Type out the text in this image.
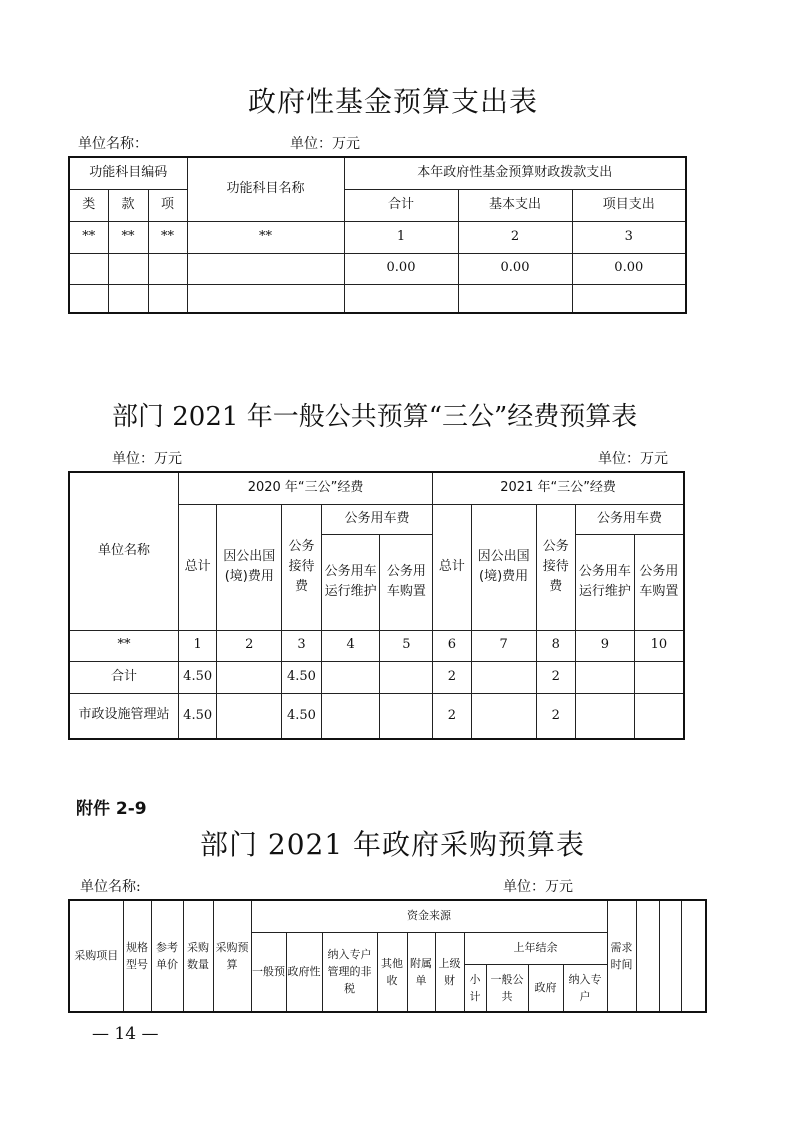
政府性基金预算支出表
单位名称：	单位：万元
功能科目编码			功能科目名称	本年政府性基金预算财政拨款支出		
类	款	项		合计	基本支出	项目支出
**	**	**	**	1	2	3
				0.00	0.00	0.00

部门 2021 年一般公共预算“三公”经费预算表
单位：万元	单位：万元
单位名称	2020 年“三公”经费					2021 年“三公”经费				
	总计	因公出国(境)费用	公务接待费	公务用车费		总计	因公出国(境)费用	公务接待费	公务用车费	
				公务用车运行维护	公务用车购置				公务用车运行维护	公务用车购置
**	1	2	3	4	5	6	7	8	9	10
合计	4.50		4.50			2		2		
市政设施管理站	4.50		4.50			2		2		
附件 2-9
部门 2021 年政府采购预算表
单位名称:	单位：万元
采购项目	规格型号	参考单价	采购数量	采购预算	资金来源										需求时间			
					一般预	政府性	纳入专户管理的非税	其他收	附属单	上级财	上年结余							
											小计	一般公共	政府	纳入专户				
— 14 —
